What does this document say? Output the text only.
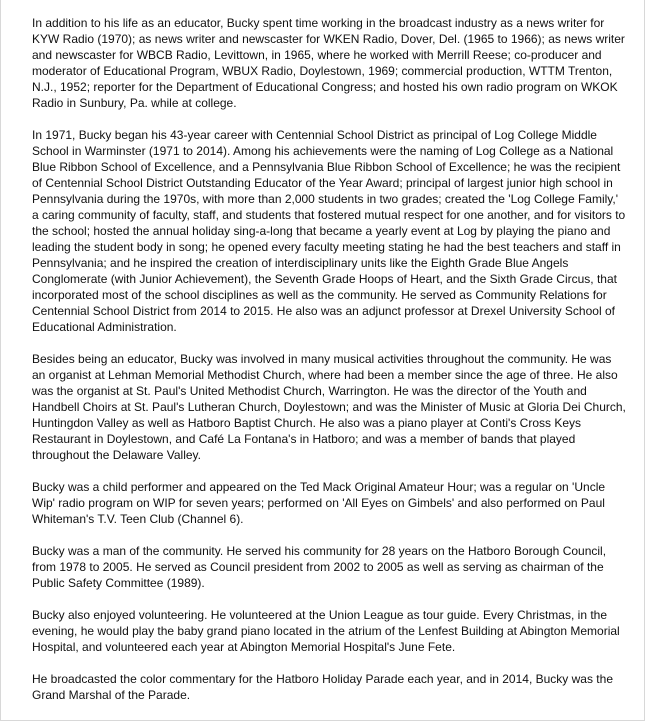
In addition to his life as an educator, Bucky spent time working in the broadcast industry as a news writer for KYW Radio (1970); as news writer and newscaster for WKEN Radio, Dover, Del. (1965 to 1966); as news writer and newscaster for WBCB Radio, Levittown, in 1965, where he worked with Merrill Reese; co-producer and moderator of Educational Program, WBUX Radio, Doylestown, 1969; commercial production, WTTM Trenton, N.J., 1952; reporter for the Department of Educational Congress; and hosted his own radio program on WKOK Radio in Sunbury, Pa. while at college.

In 1971, Bucky began his 43-year career with Centennial School District as principal of Log College Middle School in Warminster (1971 to 2014). Among his achievements were the naming of Log College as a National Blue Ribbon School of Excellence, and a Pennsylvania Blue Ribbon School of Excellence; he was the recipient of Centennial School District Outstanding Educator of the Year Award; principal of largest junior high school in Pennsylvania during the 1970s, with more than 2,000 students in two grades; created the 'Log College Family,' a caring community of faculty, staff, and students that fostered mutual respect for one another, and for visitors to the school; hosted the annual holiday sing-a-long that became a yearly event at Log by playing the piano and leading the student body in song; he opened every faculty meeting stating he had the best teachers and staff in Pennsylvania; and he inspired the creation of interdisciplinary units like the Eighth Grade Blue Angels Conglomerate (with Junior Achievement), the Seventh Grade Hoops of Heart, and the Sixth Grade Circus, that incorporated most of the school disciplines as well as the community. He served as Community Relations for Centennial School District from 2014 to 2015. He also was an adjunct professor at Drexel University School of Educational Administration.

Besides being an educator, Bucky was involved in many musical activities throughout the community. He was an organist at Lehman Memorial Methodist Church, where had been a member since the age of three. He also was the organist at St. Paul's United Methodist Church, Warrington. He was the director of the Youth and Handbell Choirs at St. Paul's Lutheran Church, Doylestown; and was the Minister of Music at Gloria Dei Church, Huntingdon Valley as well as Hatboro Baptist Church. He also was a piano player at Conti's Cross Keys Restaurant in Doylestown, and Café La Fontana's in Hatboro; and was a member of bands that played throughout the Delaware Valley.

Bucky was a child performer and appeared on the Ted Mack Original Amateur Hour; was a regular on 'Uncle Wip' radio program on WIP for seven years; performed on 'All Eyes on Gimbels' and also performed on Paul Whiteman's T.V. Teen Club (Channel 6).

Bucky was a man of the community. He served his community for 28 years on the Hatboro Borough Council, from 1978 to 2005. He served as Council president from 2002 to 2005 as well as serving as chairman of the Public Safety Committee (1989).

Bucky also enjoyed volunteering. He volunteered at the Union League as tour guide. Every Christmas, in the evening, he would play the baby grand piano located in the atrium of the Lenfest Building at Abington Memorial Hospital, and volunteered each year at Abington Memorial Hospital's June Fete.

He broadcasted the color commentary for the Hatboro Holiday Parade each year, and in 2014, Bucky was the Grand Marshal of the Parade.
